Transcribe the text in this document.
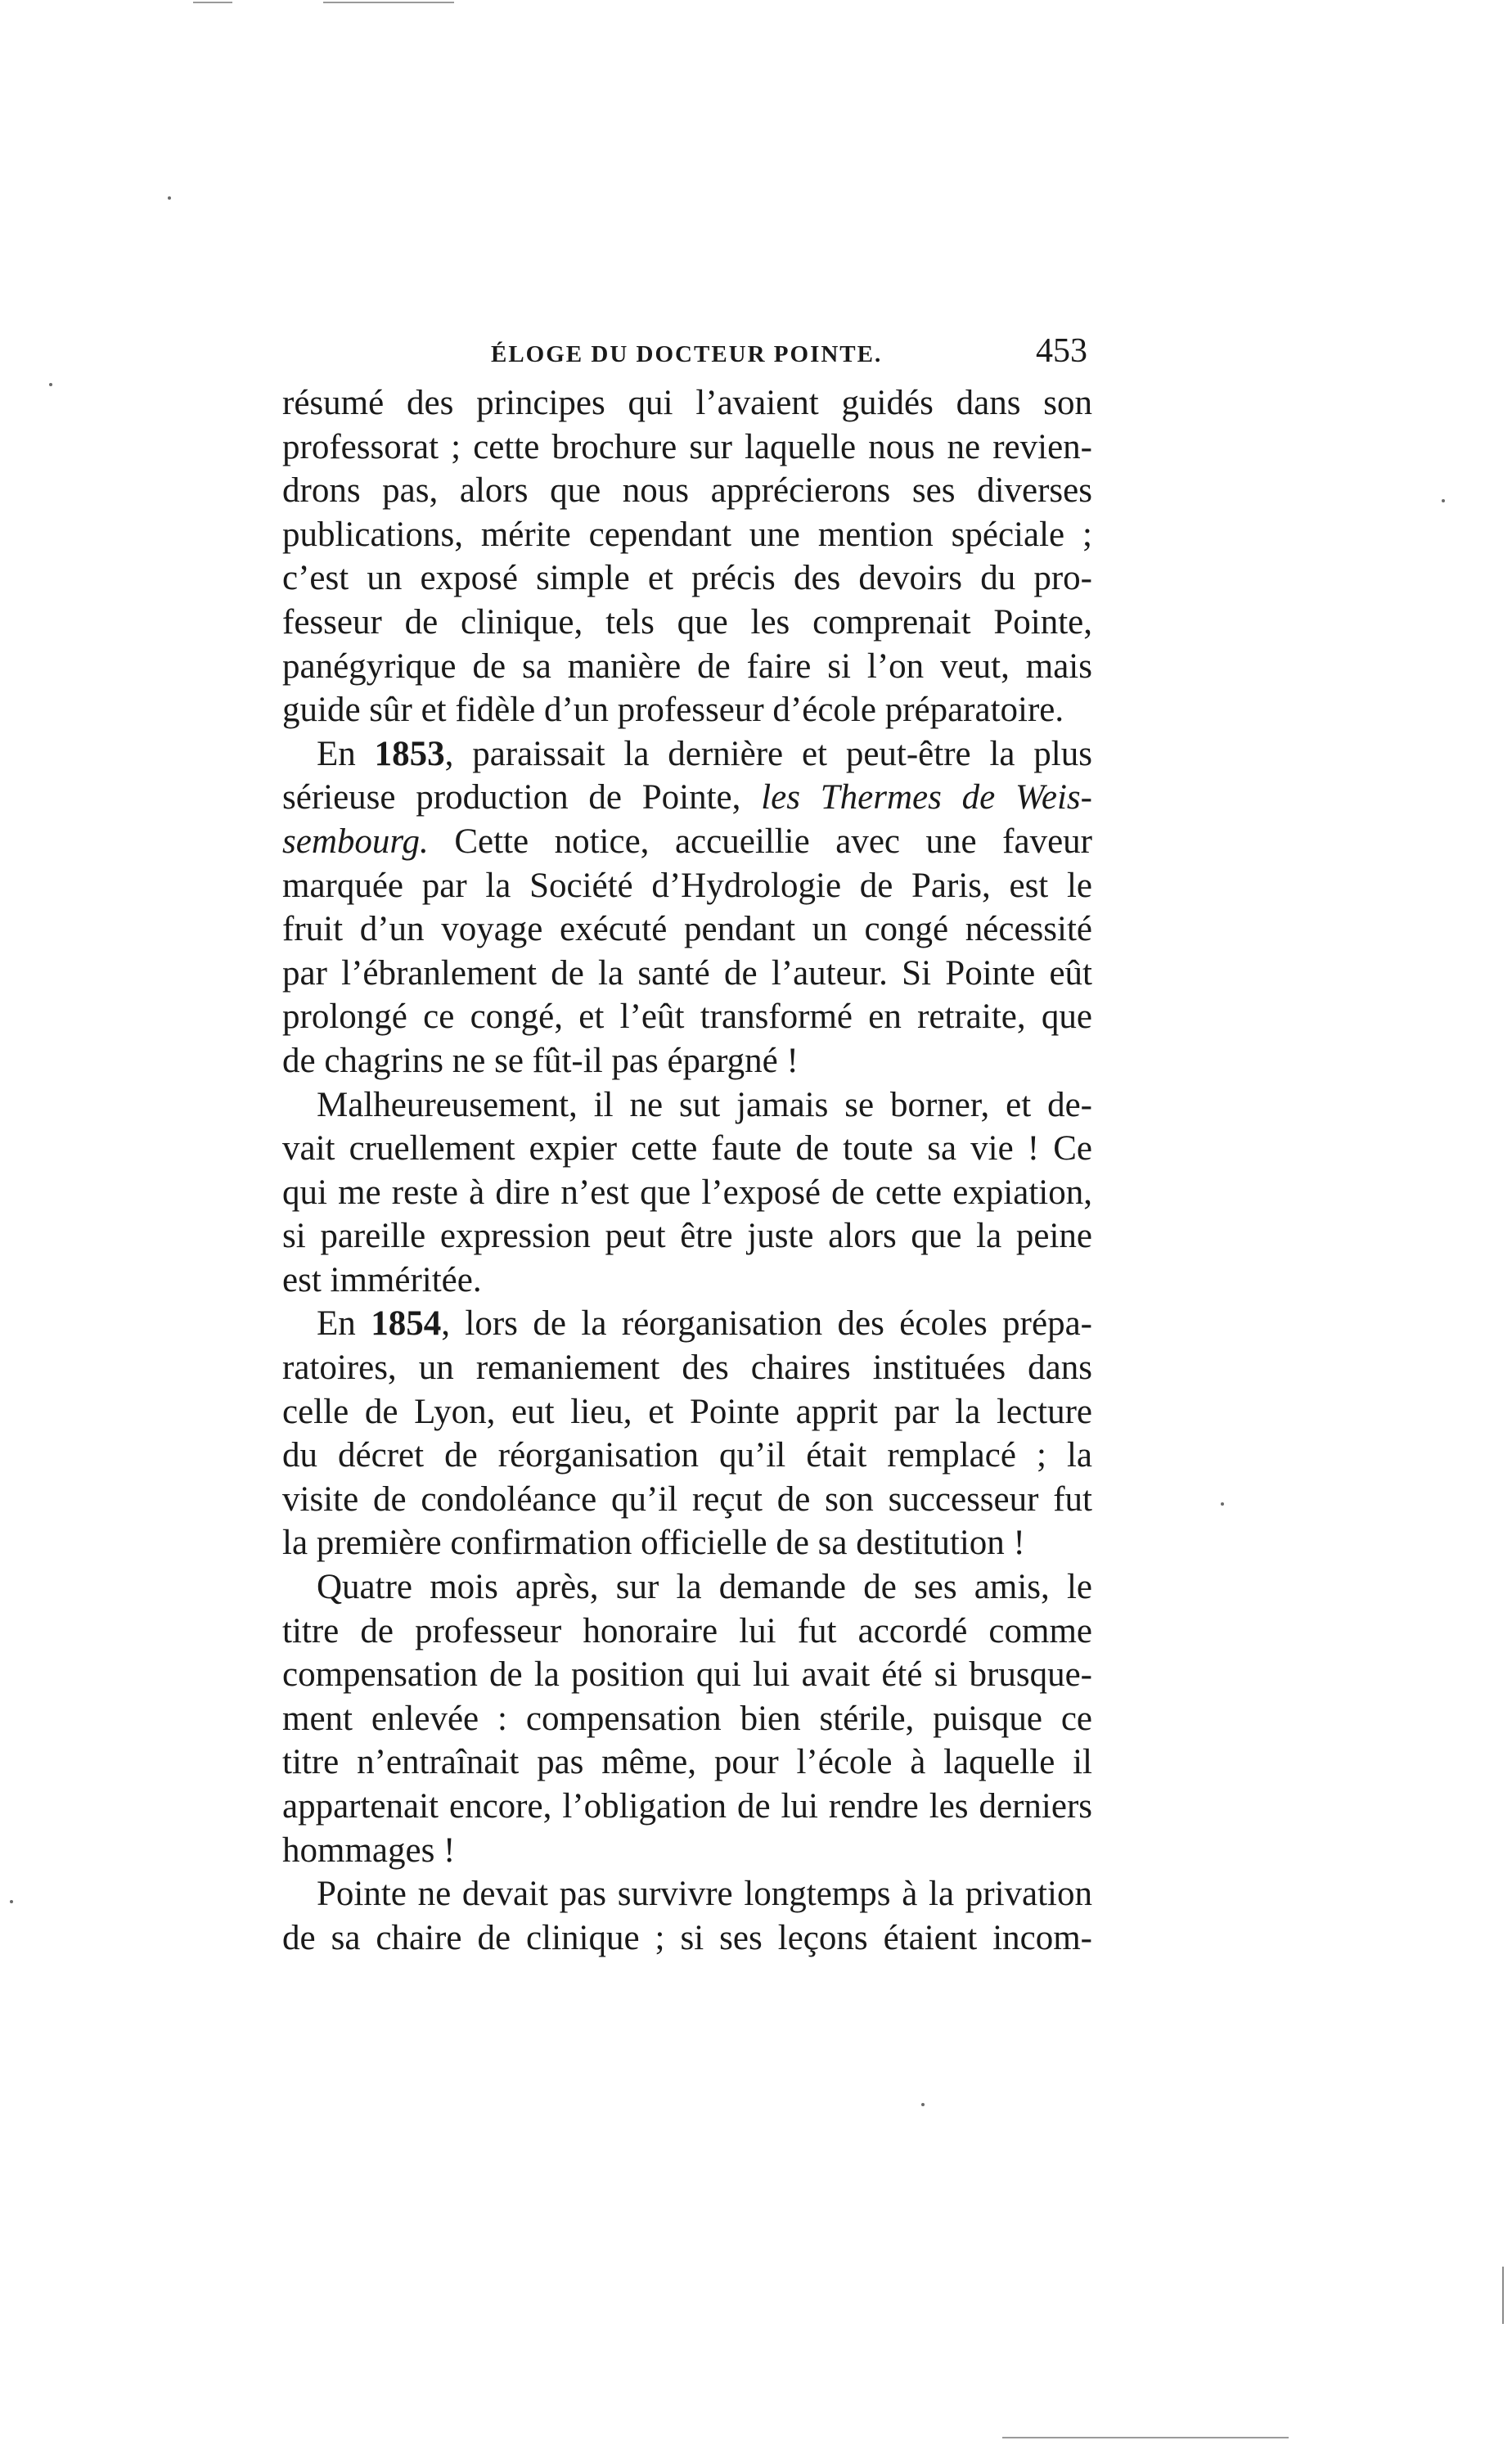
ÉLOGE DU DOCTEUR POINTE.	453
résumé des principes qui l’avaient guidés dans son
professorat ; cette brochure sur laquelle nous ne revien-
drons pas, alors que nous apprécierons ses diverses
publications, mérite cependant une mention spéciale ;
c’est un exposé simple et précis des devoirs du pro-
fesseur de clinique, tels que les comprenait Pointe,
panégyrique de sa manière de faire si l’on veut, mais
guide sûr et fidèle d’un professeur d’école préparatoire.
En 1853, paraissait la dernière et peut-être la plus
sérieuse production de Pointe, les Thermes de Weis-
sembourg. Cette notice, accueillie avec une faveur
marquée par la Société d’Hydrologie de Paris, est le
fruit d’un voyage exécuté pendant un congé nécessité
par l’ébranlement de la santé de l’auteur. Si Pointe eût
prolongé ce congé, et l’eût transformé en retraite, que
de chagrins ne se fût-il pas épargné !
Malheureusement, il ne sut jamais se borner, et de-
vait cruellement expier cette faute de toute sa vie ! Ce
qui me reste à dire n’est que l’exposé de cette expiation,
si pareille expression peut être juste alors que la peine
est imméritée.
En 1854, lors de la réorganisation des écoles prépa-
ratoires, un remaniement des chaires instituées dans
celle de Lyon, eut lieu, et Pointe apprit par la lecture
du décret de réorganisation qu’il était remplacé ; la
visite de condoléance qu’il reçut de son successeur fut
la première confirmation officielle de sa destitution !
Quatre mois après, sur la demande de ses amis, le
titre de professeur honoraire lui fut accordé comme
compensation de la position qui lui avait été si brusque-
ment enlevée : compensation bien stérile, puisque ce
titre n’entraînait pas même, pour l’école à laquelle il
appartenait encore, l’obligation de lui rendre les derniers
hommages !
Pointe ne devait pas survivre longtemps à la privation
de sa chaire de clinique ; si ses leçons étaient incom-
